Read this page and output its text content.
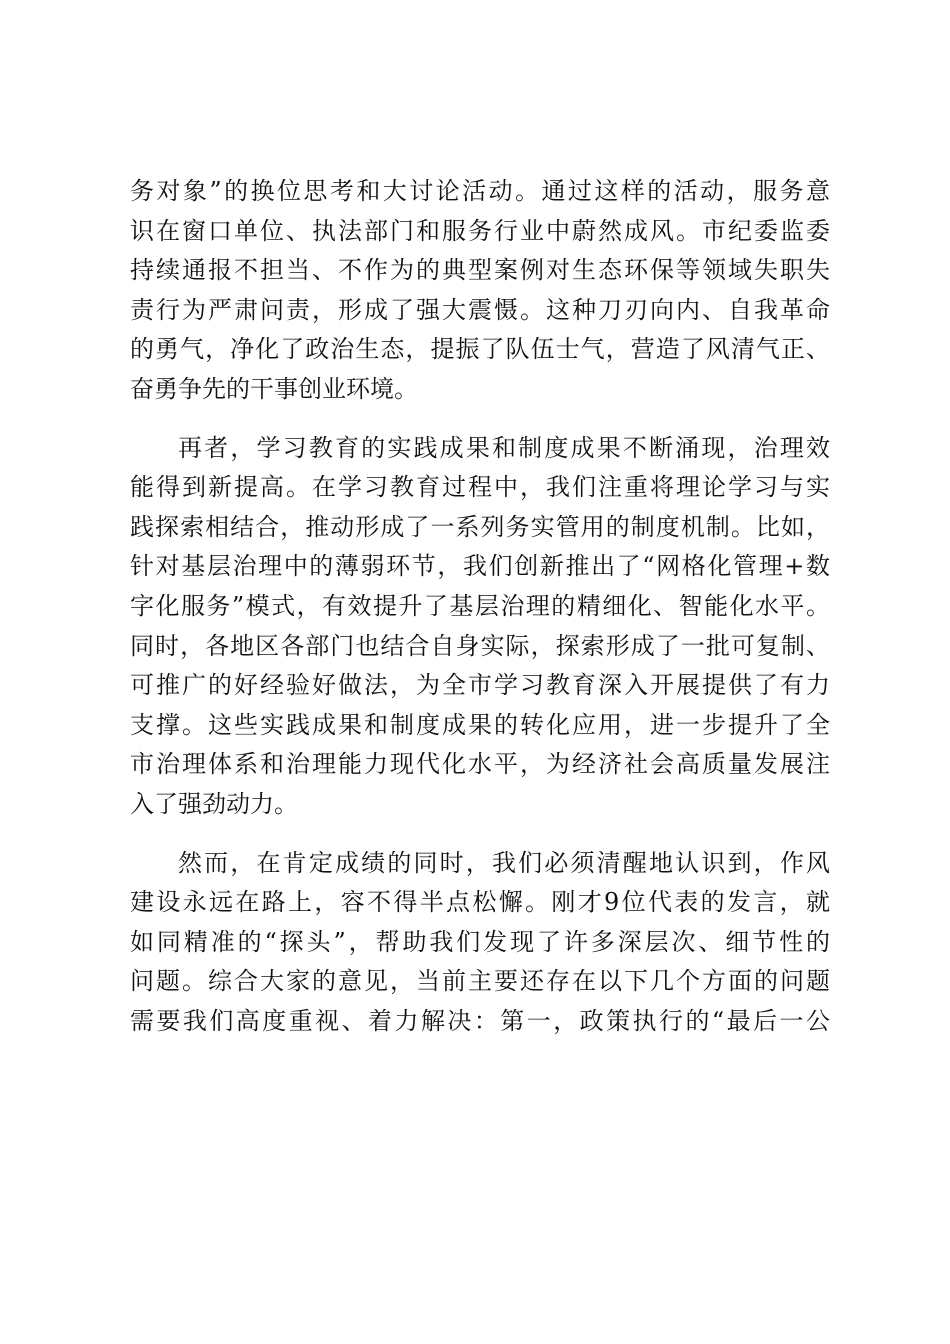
务对象”的换位思考和大讨论活动。通过这样的活动，服务意
识在窗口单位、执法部门和服务行业中蔚然成风。市纪委监委
持续通报不担当、不作为的典型案例对生态环保等领域失职失
责行为严肃问责，形成了强大震慑。这种刀刃向内、自我革命
的勇气，净化了政治生态，提振了队伍士气，营造了风清气正、
奋勇争先的干事创业环境。
再者，学习教育的实践成果和制度成果不断涌现，治理效
能得到新提高。在学习教育过程中，我们注重将理论学习与实
践探索相结合，推动形成了一系列务实管用的制度机制。比如，
针对基层治理中的薄弱环节，我们创新推出了“网格化管理+数
字化服务”模式，有效提升了基层治理的精细化、智能化水平。
同时，各地区各部门也结合自身实际，探索形成了一批可复制、
可推广的好经验好做法，为全市学习教育深入开展提供了有力
支撑。这些实践成果和制度成果的转化应用，进一步提升了全
市治理体系和治理能力现代化水平，为经济社会高质量发展注
入了强劲动力。
然而，在肯定成绩的同时，我们必须清醒地认识到，作风
建设永远在路上，容不得半点松懈。刚才9位代表的发言，就
如同精准的“探头”，帮助我们发现了许多深层次、细节性的
问题。综合大家的意见，当前主要还存在以下几个方面的问题
需要我们高度重视、着力解决：第一，政策执行的“最后一公
